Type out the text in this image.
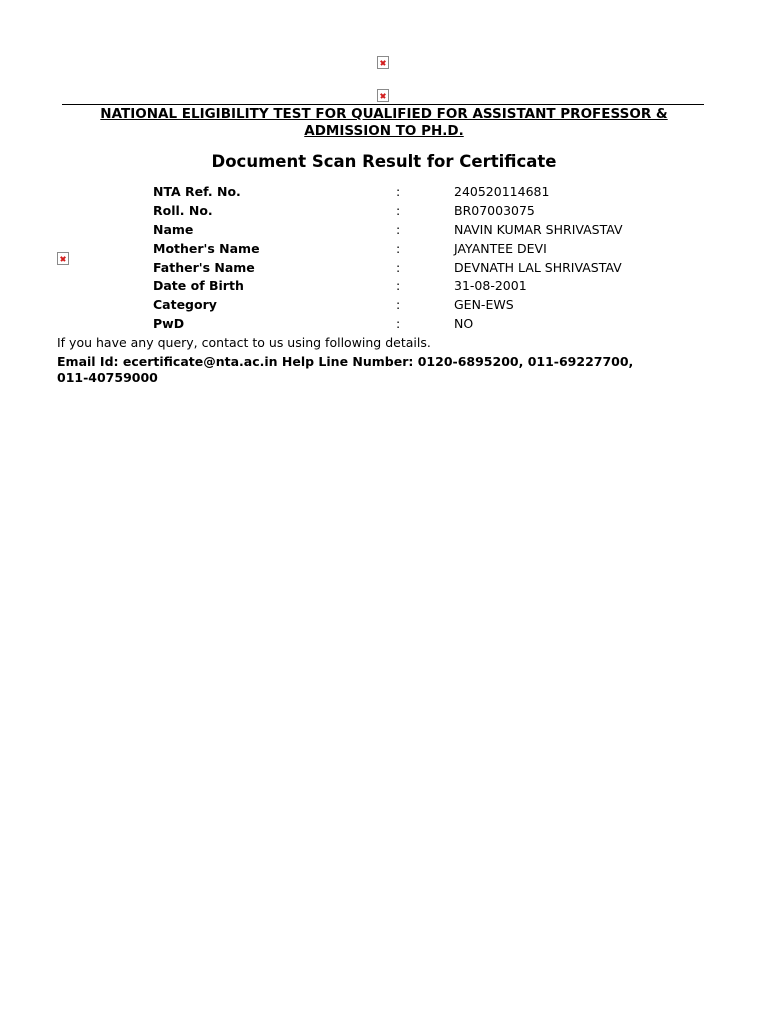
NATIONAL ELIGIBILITY TEST FOR QUALIFIED FOR ASSISTANT PROFESSOR & ADMISSION TO PH.D.
Document Scan Result for Certificate
NTA Ref. No.	:	240520114681
Roll. No.	:	BR07003075
Name	:	NAVIN KUMAR SHRIVASTAV
Mother's Name	:	JAYANTEE DEVI
Father's Name	:	DEVNATH LAL SHRIVASTAV
Date of Birth	:	31-08-2001
Category	:	GEN-EWS
PwD	:	NO
If you have any query, contact to us using following details.
Email Id: ecertificate@nta.ac.in Help Line Number: 0120-6895200, 011-69227700, 011-40759000
